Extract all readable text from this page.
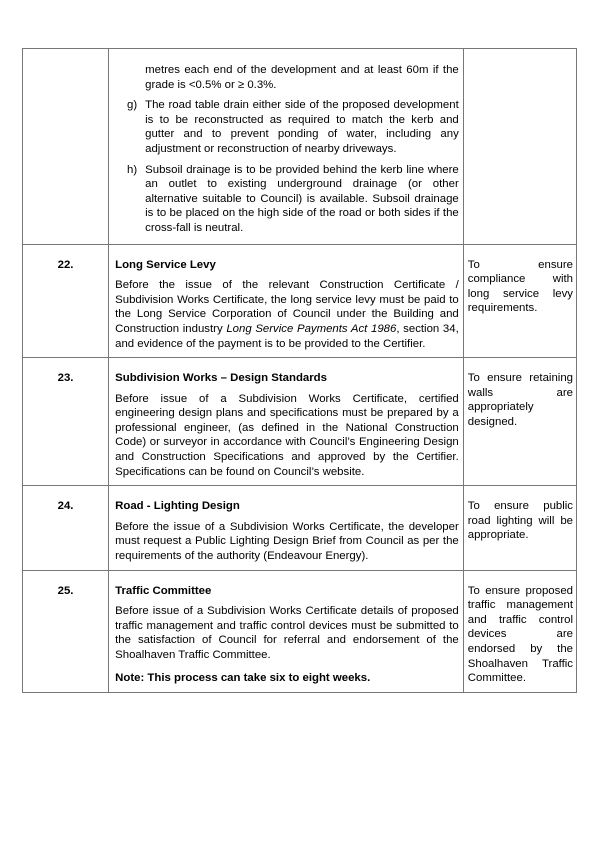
	metres each end of the development and at least 60m if the grade is <0.5% or ≥ 0.3%.

g) The road table drain either side of the proposed development is to be reconstructed as required to match the kerb and gutter and to prevent ponding of water, including any adjustment or reconstruction of nearby driveways.
h) Subsoil drainage is to be provided behind the kerb line where an outlet to existing underground drainage (or other alternative suitable to Council) is available. Subsoil drainage is to be placed on the high side of the road or both sides if the cross-fall is neutral.	

22.	Long Service Levy

Before the issue of the relevant Construction Certificate / Subdivision Works Certificate, the long service levy must be paid to the Long Service Corporation of Council under the Building and Construction industry Long Service Payments Act 1986, section 34, and evidence of the payment is to be provided to the Certifier.	To ensure compliance with long service levy requirements.

23.	Subdivision Works – Design Standards

Before issue of a Subdivision Works Certificate, certified engineering design plans and specifications must be prepared by a professional engineer, (as defined in the National Construction Code) or surveyor in accordance with Council’s Engineering Design and Construction Specifications and approved by the Certifier. Specifications can be found on Council’s website.	To ensure retaining walls are appropriately designed.

24.	Road - Lighting Design

Before the issue of a Subdivision Works Certificate, the developer must request a Public Lighting Design Brief from Council as per the requirements of the authority (Endeavour Energy).	To ensure public road lighting will be appropriate.

25.	Traffic Committee

Before issue of a Subdivision Works Certificate details of proposed traffic management and traffic control devices must be submitted to the satisfaction of Council for referral and endorsement of the Shoalhaven Traffic Committee.

Note: This process can take six to eight weeks.	To ensure proposed traffic management and traffic control devices are endorsed by the Shoalhaven Traffic Committee.
